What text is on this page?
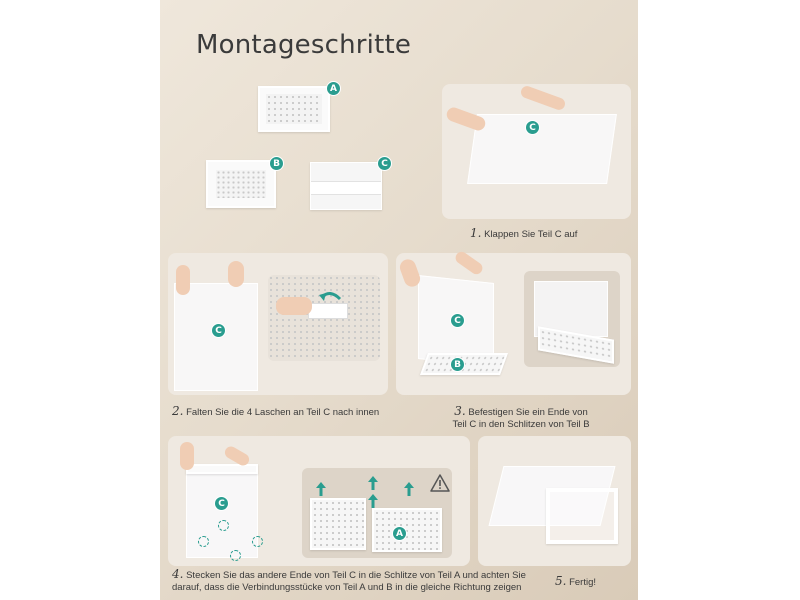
Montageschritte
A
B	C
C
1. Klappen Sie Teil C auf
C
2. Falten Sie die 4 Laschen an Teil C nach innen
C
B
3. Befestigen Sie ein Ende von Teil C in den Schlitzen von Teil B
C
A
4. Stecken Sie das andere Ende von Teil C in die Schlitze von Teil A und achten Sie darauf, dass die Verbindungsstücke von Teil A und B in die gleiche Richtung zeigen	5. Fertig!
